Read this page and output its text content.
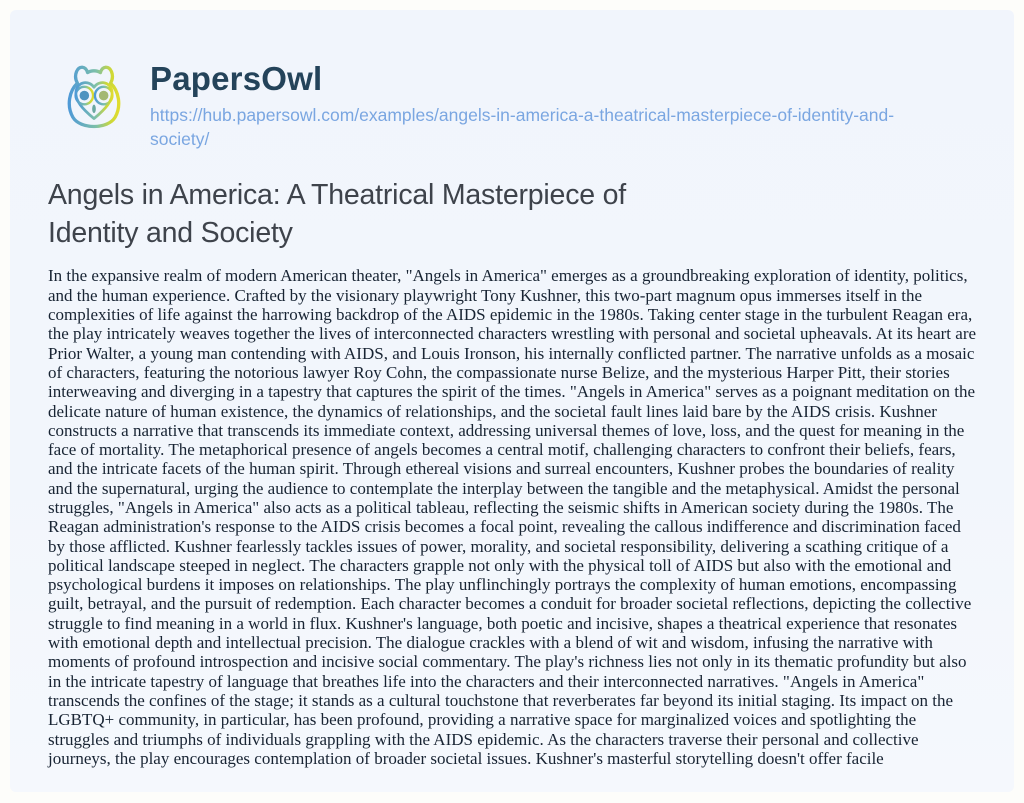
PapersOwl
https://hub.papersowl.com/examples/angels-in-america-a-theatrical-masterpiece-of-identity-and-society/
Angels in America: A Theatrical Masterpiece of Identity and Society

In the expansive realm of modern American theater, "Angels in America" emerges as a groundbreaking exploration of identity, politics, and the human experience. Crafted by the visionary playwright Tony Kushner, this two-part magnum opus immerses itself in the complexities of life against the harrowing backdrop of the AIDS epidemic in the 1980s. Taking center stage in the turbulent Reagan era, the play intricately weaves together the lives of interconnected characters wrestling with personal and societal upheavals. At its heart are Prior Walter, a young man contending with AIDS, and Louis Ironson, his internally conflicted partner. The narrative unfolds as a mosaic of characters, featuring the notorious lawyer Roy Cohn, the compassionate nurse Belize, and the mysterious Harper Pitt, their stories interweaving and diverging in a tapestry that captures the spirit of the times. "Angels in America" serves as a poignant meditation on the delicate nature of human existence, the dynamics of relationships, and the societal fault lines laid bare by the AIDS crisis. Kushner constructs a narrative that transcends its immediate context, addressing universal themes of love, loss, and the quest for meaning in the face of mortality. The metaphorical presence of angels becomes a central motif, challenging characters to confront their beliefs, fears, and the intricate facets of the human spirit. Through ethereal visions and surreal encounters, Kushner probes the boundaries of reality and the supernatural, urging the audience to contemplate the interplay between the tangible and the metaphysical. Amidst the personal struggles, "Angels in America" also acts as a political tableau, reflecting the seismic shifts in American society during the 1980s. The Reagan administration's response to the AIDS crisis becomes a focal point, revealing the callous indifference and discrimination faced by those afflicted. Kushner fearlessly tackles issues of power, morality, and societal responsibility, delivering a scathing critique of a political landscape steeped in neglect. The characters grapple not only with the physical toll of AIDS but also with the emotional and psychological burdens it imposes on relationships. The play unflinchingly portrays the complexity of human emotions, encompassing guilt, betrayal, and the pursuit of redemption. Each character becomes a conduit for broader societal reflections, depicting the collective struggle to find meaning in a world in flux. Kushner's language, both poetic and incisive, shapes a theatrical experience that resonates with emotional depth and intellectual precision. The dialogue crackles with a blend of wit and wisdom, infusing the narrative with moments of profound introspection and incisive social commentary. The play's richness lies not only in its thematic profundity but also in the intricate tapestry of language that breathes life into the characters and their interconnected narratives. "Angels in America" transcends the confines of the stage; it stands as a cultural touchstone that reverberates far beyond its initial staging. Its impact on the LGBTQ+ community, in particular, has been profound, providing a narrative space for marginalized voices and spotlighting the struggles and triumphs of individuals grappling with the AIDS epidemic. As the characters traverse their personal and collective journeys, the play encourages contemplation of broader societal issues. Kushner's masterful storytelling doesn't offer facile
